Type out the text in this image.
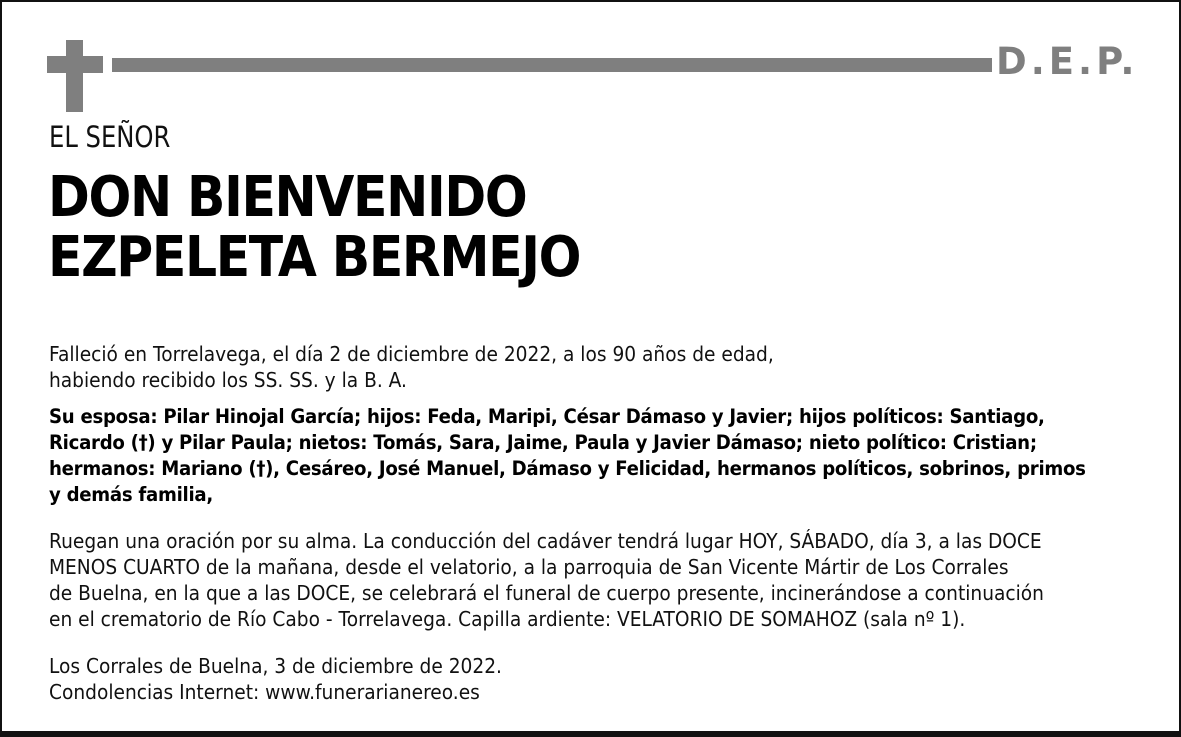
D.E.P.
EL SEÑOR
DON BIENVENIDO
EZPELETA BERMEJO
Falleció en Torrelavega, el día 2 de diciembre de 2022, a los 90 años de edad,
habiendo recibido los SS. SS. y la B. A.
Su esposa: Pilar Hinojal García; hijos: Feda, Maripi, César Dámaso y Javier; hijos políticos: Santiago,
Ricardo (†) y Pilar Paula; nietos: Tomás, Sara, Jaime, Paula y Javier Dámaso; nieto político: Cristian;
hermanos: Mariano (†), Cesáreo, José Manuel, Dámaso y Felicidad, hermanos políticos, sobrinos, primos
y demás familia,
Ruegan una oración por su alma. La conducción del cadáver tendrá lugar HOY, SÁBADO, día 3, a las DOCE
MENOS CUARTO de la mañana, desde el velatorio, a la parroquia de San Vicente Mártir de Los Corrales
de Buelna, en la que a las DOCE, se celebrará el funeral de cuerpo presente, incinerándose a continuación
en el crematorio de Río Cabo - Torrelavega. Capilla ardiente: VELATORIO DE SOMAHOZ (sala nº 1).
Los Corrales de Buelna, 3 de diciembre de 2022.
Condolencias Internet: www.funerarianereo.es
